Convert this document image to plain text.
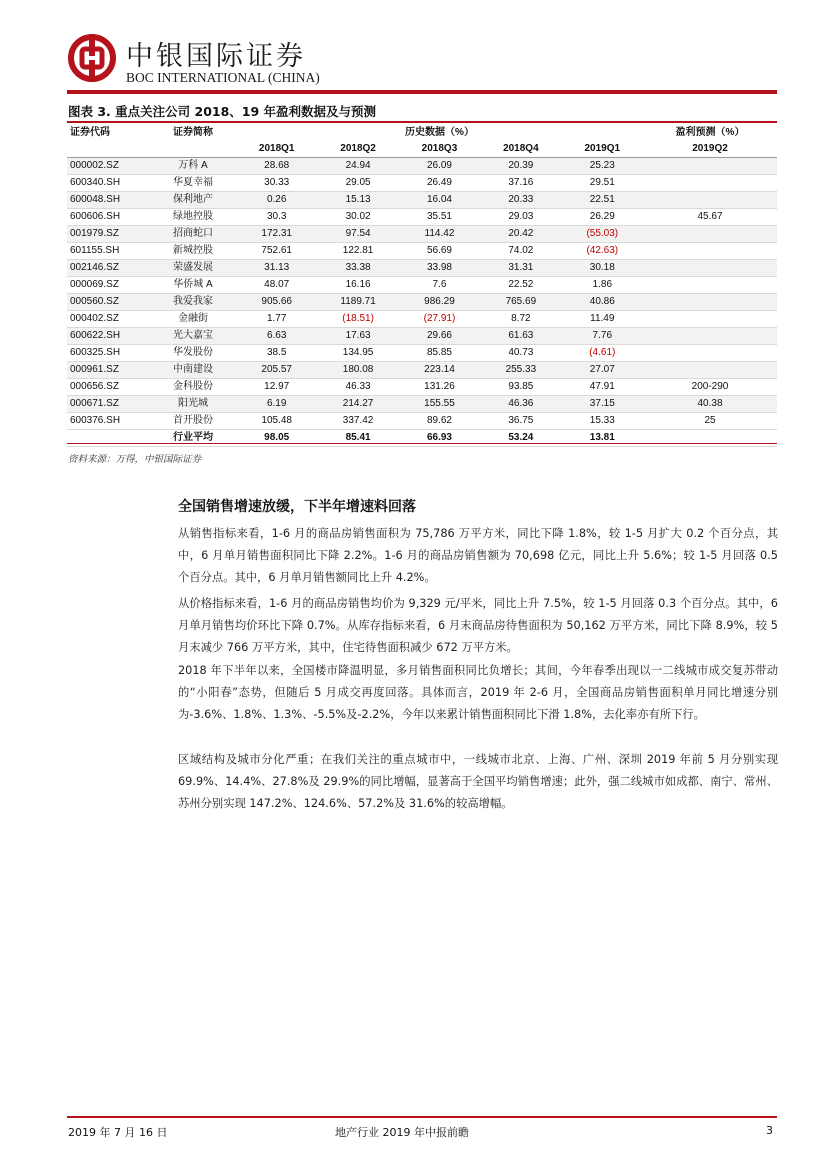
中银国际证券
BOC INTERNATIONAL (CHINA)
图表 3. 重点关注公司 2018、19 年盈利数据及与预测
证券代码	证券简称	历史数据（%）					盈利预测（%）
		2018Q1	2018Q2	2018Q3	2018Q4	2019Q1	2019Q2
000002.SZ	万科 A	28.68	24.94	26.09	20.39	25.23	
600340.SH	华夏幸福	30.33	29.05	26.49	37.16	29.51	
600048.SH	保利地产	0.26	15.13	16.04	20.33	22.51	
600606.SH	绿地控股	30.3	30.02	35.51	29.03	26.29	45.67
001979.SZ	招商蛇口	172.31	97.54	114.42	20.42	(55.03)	
601155.SH	新城控股	752.61	122.81	56.69	74.02	(42.63)	
002146.SZ	荣盛发展	31.13	33.38	33.98	31.31	30.18	
000069.SZ	华侨城 A	48.07	16.16	7.6	22.52	1.86	
000560.SZ	我爱我家	905.66	1189.71	986.29	765.69	40.86	
000402.SZ	金融街	1.77	(18.51)	(27.91)	8.72	11.49	
600622.SH	光大嘉宝	6.63	17.63	29.66	61.63	7.76	
600325.SH	华发股份	38.5	134.95	85.85	40.73	(4.61)	
000961.SZ	中南建设	205.57	180.08	223.14	255.33	27.07	
000656.SZ	金科股份	12.97	46.33	131.26	93.85	47.91	200-290
000671.SZ	阳光城	6.19	214.27	155.55	46.36	37.15	40.38
600376.SH	首开股份	105.48	337.42	89.62	36.75	15.33	25
	行业平均	98.05	85.41	66.93	53.24	13.81	
资料来源：万得，中银国际证券
全国销售增速放缓，下半年增速料回落
从销售指标来看，1-6 月的商品房销售面积为 75,786 万平方米，同比下降 1.8%，较 1-5 月扩大 0.2 个百分点，其中，6 月单月销售面积同比下降 2.2%。1-6 月的商品房销售额为 70,698 亿元，同比上升 5.6%；较 1-5 月回落 0.5 个百分点。其中，6 月单月销售额同比上升 4.2%。
从价格指标来看，1-6 月的商品房销售均价为 9,329 元/平米，同比上升 7.5%，较 1-5 月回落 0.3 个百分点。其中，6 月单月销售均价环比下降 0.7%。从库存指标来看，6 月末商品房待售面积为 50,162 万平方米，同比下降 8.9%，较 5 月末减少 766 万平方米，其中，住宅待售面积减少 672 万平方米。
2018 年下半年以来，全国楼市降温明显，多月销售面积同比负增长；其间，今年春季出现以一二线城市成交复苏带动的“小阳春”态势，但随后 5 月成交再度回落。具体而言，2019 年 2-6 月，全国商品房销售面积单月同比增速分别为-3.6%、1.8%、1.3%、-5.5%及-2.2%，今年以来累计销售面积同比下滑 1.8%，去化率亦有所下行。
区域结构及城市分化严重；在我们关注的重点城市中，一线城市北京、上海、广州、深圳 2019 年前 5 月分别实现 69.9%、14.4%、27.8%及 29.9%的同比增幅，显著高于全国平均销售增速；此外，强二线城市如成都、南宁、常州、苏州分别实现 147.2%、124.6%、57.2%及 31.6%的较高增幅。
2019 年 7 月 16 日	地产行业 2019 年中报前瞻	3
